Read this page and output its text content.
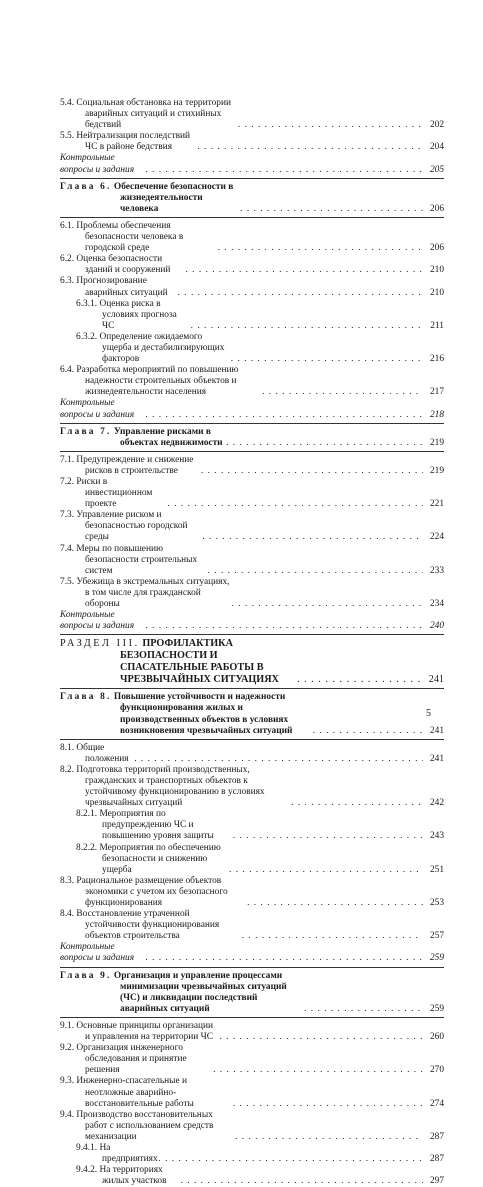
5.4. Социальная обстановка на территории аварийных ситуаций и стихийных бедствий . . .	202
5.5. Нейтрализация последствий ЧС в районе бедствия . . .	204
Контрольные вопросы и задания . . .	205
Глава 6. Обеспечение безопасности в жизнедеятельности человека . . .	206
6.1. Проблемы обеспечения безопасности человека в городской среде . . .	206
6.2. Оценка безопасности зданий и сооружений . . .	210
6.3. Прогнозирование аварийных ситуаций . . .	210
6.3.1. Оценка риска в условиях прогноза ЧС . . .	211
6.3.2. Определение ожидаемого ущерба и дестабилизирующих факторов . . .	216
6.4. Разработка мероприятий по повышению надежности строительных объектов и жизнедеятельности населения . . .	217
Контрольные вопросы и задания . . .	218
Глава 7. Управление рисками в объектах недвижимости . . .	219
7.1. Предупреждение и снижение рисков в строительстве . . .	219
7.2. Риски в инвестиционном проекте . . .	221
7.3. Управление риском и безопасностью городской среды . . .	224
7.4. Меры по повышению безопасности строительных систем . . .	233
7.5. Убежища в экстремальных ситуациях, в том числе для гражданской обороны . . .	234
Контрольные вопросы и задания . . .	240
РАЗДЕЛ III. ПРОФИЛАКТИКА БЕЗОПАСНОСТИ И СПАСАТЕЛЬНЫЕ РАБОТЫ В ЧРЕЗВЫЧАЙНЫХ СИТУАЦИЯХ . . .	241
Глава 8. Повышение устойчивости и надежности функционирования жилых и производственных объектов в условиях возникновения чрезвычайных ситуаций . . .	241
8.1. Общие положения . . .	241
8.2. Подготовка территорий производственных, гражданских и транспортных объектов к устойчивому функционированию в условиях чрезвычайных ситуаций . . .	242
8.2.1. Мероприятия по предупреждению ЧС и повышению уровня защиты . . .	243
8.2.2. Мероприятия по обеспечению безопасности и снижению ущерба . . .	251
8.3. Рациональное размещение объектов экономики с учетом их безопасного функционирования . . .	253
8.4. Восстановление утраченной устойчивости функционирования объектов строительства . . .	257
Контрольные вопросы и задания . . .	259
Глава 9. Организация и управление процессами минимизации чрезвычайных ситуаций (ЧС) и ликвидации последствий аварийных ситуаций . . .	259
9.1. Основные принципы организации и управления на территории ЧС . . .	260
9.2. Организация инженерного обследования и принятие решения . . .	270
9.3. Инженерно-спасательные и неотложные аварийно-восстановительные работы . . .	274
9.4. Производство восстановительных работ с использованием средств механизации . . .	287
9.4.1. На предприятиях . . .	287
9.4.2. На территориях жилых участков . . .	297
5
